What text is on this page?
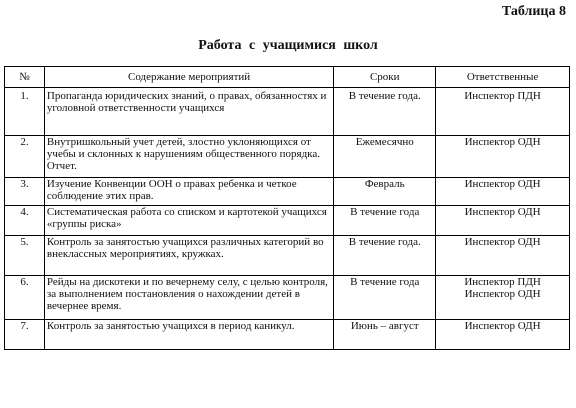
Таблица 8
Работа с учащимися школ
№	Содержание мероприятий	Сроки	Ответственные

1.	Пропаганда юридических знаний, о правах, обязанностях и уголовной ответственности учащихся	В течение года.	Инспектор ПДН

2.	Внутришкольный учет детей, злостно уклоняющихся от учебы и склонных к нарушениям общественного порядка. Отчет.	Ежемесячно	Инспектор ОДН

3.	Изучение Конвенции ООН о правах ребенка и четкое соблюдение этих прав.	Февраль	Инспектор ОДН

4.	Систематическая работа со списком и картотекой учащихся «группы риска»	В течение года	Инспектор ОДН

5.	Контроль за занятостью учащихся различных категорий во внеклассных мероприятиях, кружках.	В течение года.	Инспектор ОДН

6.	Рейды на дискотеки и по вечернему селу, с целью контроля, за выполнением постановления о нахождении детей в вечернее время.	В течение года	Инспектор ПДН
Инспектор ОДН

7.	Контроль за занятостью учащихся в период каникул.	Июнь – август	Инспектор ОДН
